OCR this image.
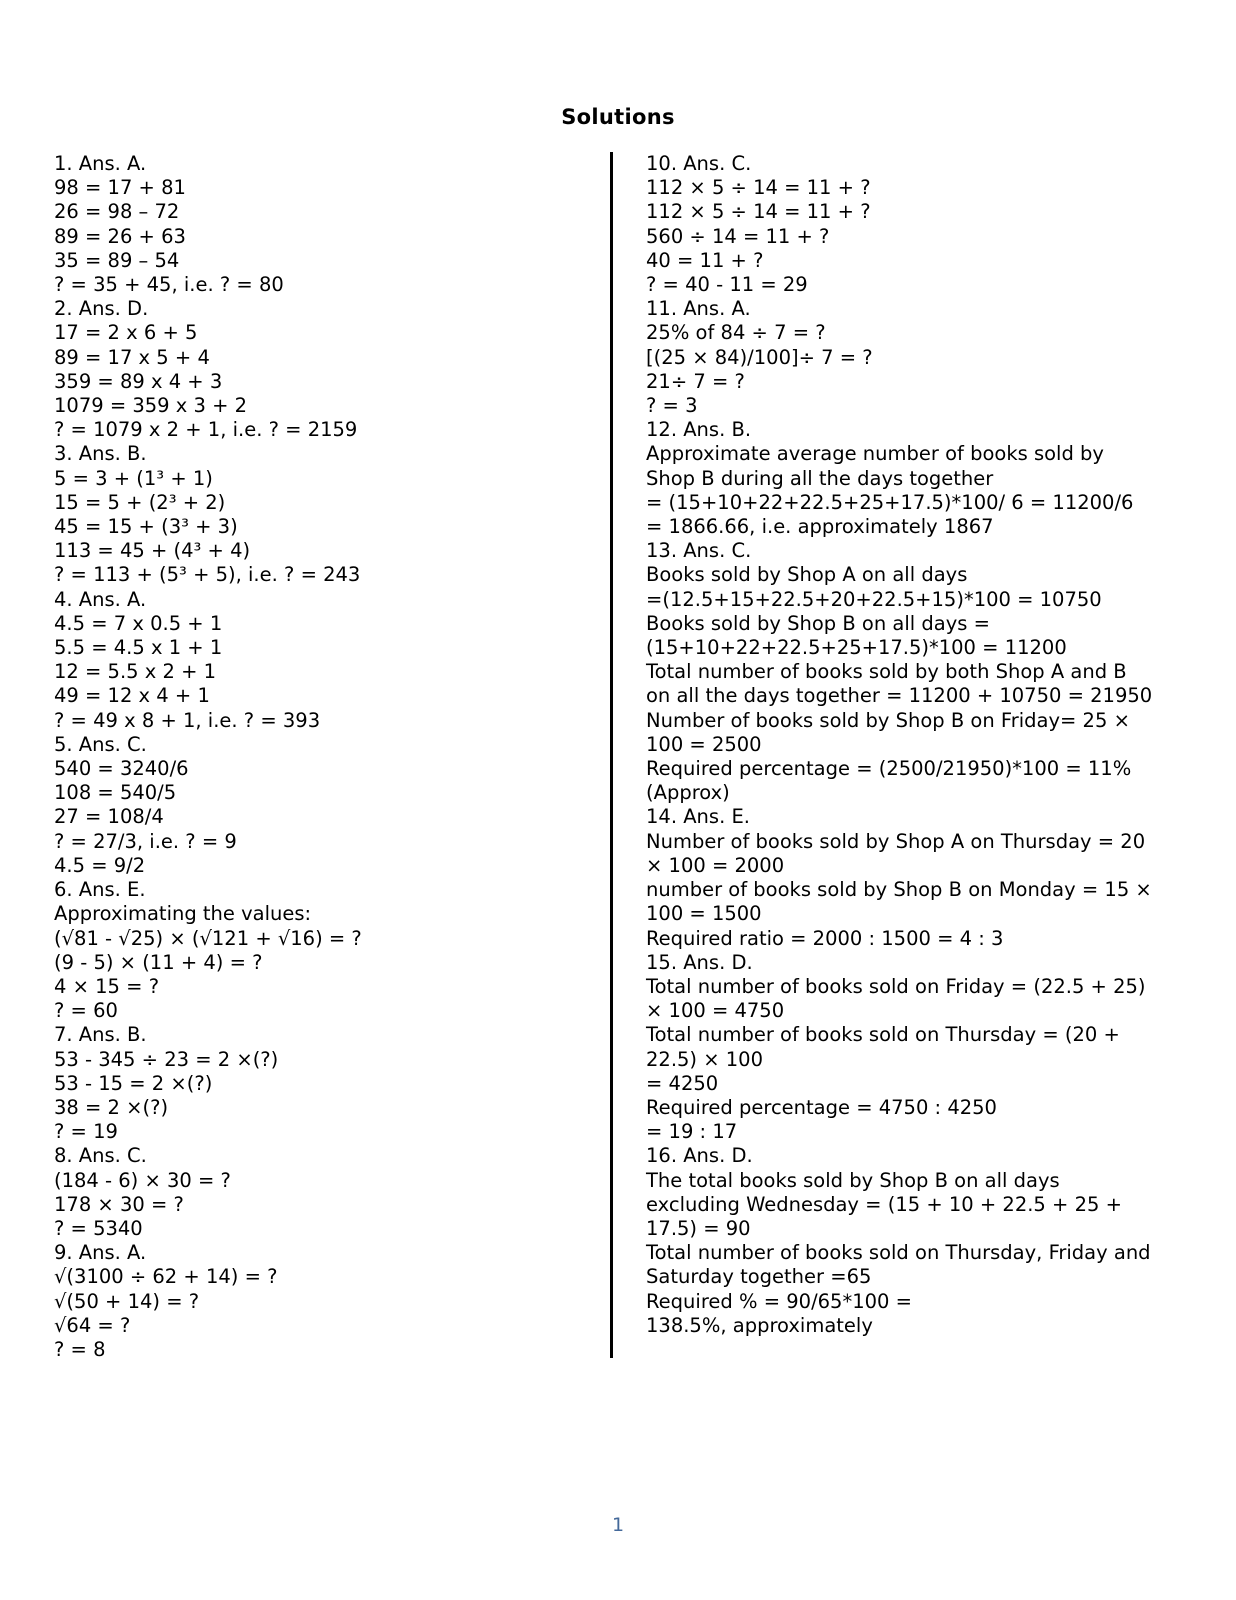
Solutions
1. Ans. A.
98 = 17 + 81
26 = 98 – 72
89 = 26 + 63
35 = 89 – 54
? = 35 + 45, i.e. ? = 80
2. Ans. D.
17 = 2 x 6 + 5
89 = 17 x 5 + 4
359 = 89 x 4 + 3
1079 = 359 x 3 + 2
? = 1079 x 2 + 1, i.e. ? = 2159
3. Ans. B.
5 = 3 + (1³ + 1)
15 = 5 + (2³ + 2)
45 = 15 + (3³ + 3)
113 = 45 + (4³ + 4)
? = 113 + (5³ + 5), i.e. ? = 243
4. Ans. A.
4.5 = 7 x 0.5 + 1
5.5 = 4.5 x 1 + 1
12 = 5.5 x 2 + 1
49 = 12 x 4 + 1
? = 49 x 8 + 1, i.e. ? = 393
5. Ans. C.
540 = 3240/6
108 = 540/5
27 = 108/4
? = 27/3, i.e. ? = 9
4.5 = 9/2
6. Ans. E.
Approximating the values:
(√81 - √25) × (√121 + √16) = ?
(9 - 5) × (11 + 4) = ?
4 × 15 = ?
? = 60
7. Ans. B.
53 - 345 ÷ 23 = 2 ×(?)
53 - 15 = 2 ×(?)
38 = 2 ×(?)
? = 19
8. Ans. C.
(184 - 6) × 30 = ?
178 × 30 = ?
? = 5340
9. Ans. A.
√(3100 ÷ 62 + 14) = ?
√(50 + 14) = ?
√64 = ?
? = 8
10. Ans. C.
112 × 5 ÷ 14 = 11 + ?
112 × 5 ÷ 14 = 11 + ?
560 ÷ 14 = 11 + ?
40 = 11 + ?
? = 40 - 11 = 29
11. Ans. A.
25% of 84 ÷ 7 = ?
[(25 × 84)/100]÷ 7 = ?
21÷ 7 = ?
? = 3
12. Ans. B.
Approximate average number of books sold by
Shop B during all the days together
= (15+10+22+22.5+25+17.5)*100/ 6 = 11200/6
= 1866.66, i.e. approximately 1867
13. Ans. C.
Books sold by Shop A on all days
=(12.5+15+22.5+20+22.5+15)*100 = 10750
Books sold by Shop B on all days =
(15+10+22+22.5+25+17.5)*100 = 11200
Total number of books sold by both Shop A and B
on all the days together = 11200 + 10750 = 21950
Number of books sold by Shop B on Friday= 25 ×
100 = 2500
Required percentage = (2500/21950)*100 = 11%
(Approx)
14. Ans. E.
Number of books sold by Shop A on Thursday = 20
× 100 = 2000
number of books sold by Shop B on Monday = 15 ×
100 = 1500
Required ratio = 2000 : 1500 = 4 : 3
15. Ans. D.
Total number of books sold on Friday = (22.5 + 25)
× 100 = 4750
Total number of books sold on Thursday = (20 +
22.5) × 100
= 4250
Required percentage = 4750 : 4250
= 19 : 17
16. Ans. D.
The total books sold by Shop B on all days
excluding Wednesday = (15 + 10 + 22.5 + 25 +
17.5) = 90
Total number of books sold on Thursday, Friday and
Saturday together =65
Required % = 90/65*100 =
138.5%, approximately
1
